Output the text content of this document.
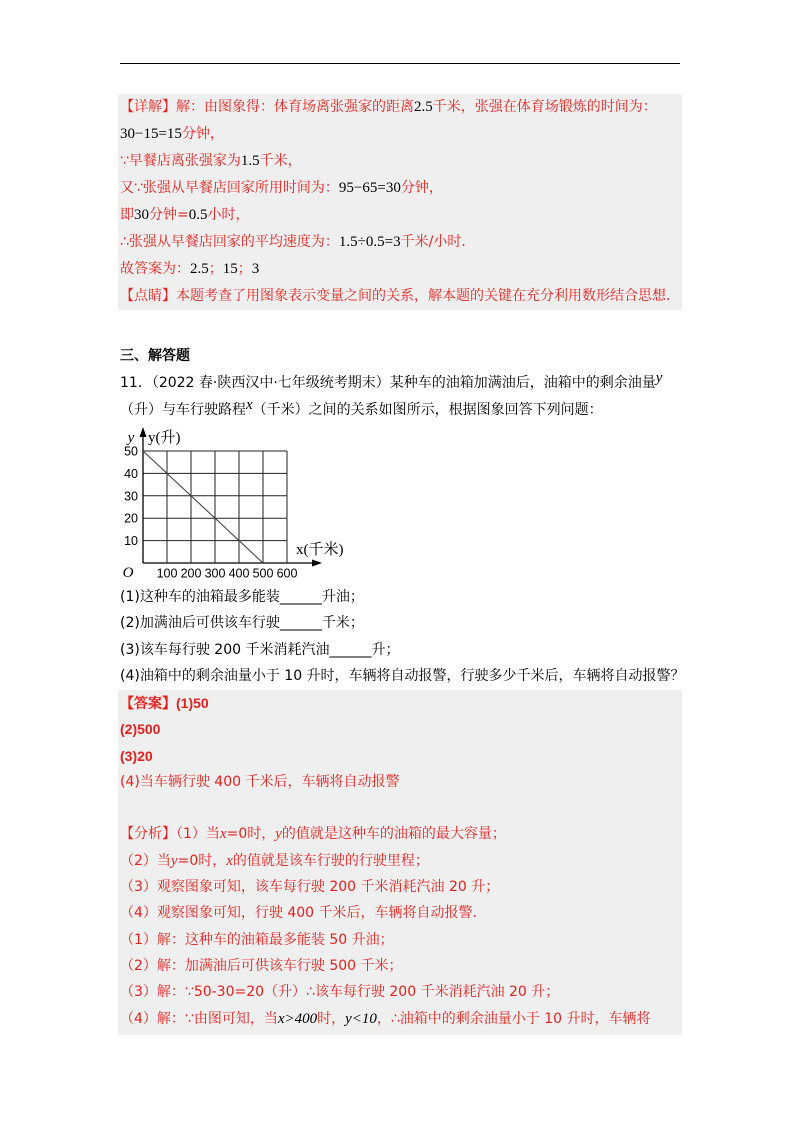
【详解】解：由图象得：体育场离张强家的距离2.5千米，张强在体育场锻炼的时间为：
30−15=15分钟，
∵早餐店离张强家为1.5千米，
又∵张强从早餐店回家所用时间为：95−65=30分钟，
即30分钟=0.5小时，
∴张强从早餐店回家的平均速度为：1.5÷0.5=3千米/小时．
故答案为：2.5；15；3
【点睛】本题考查了用图象表示变量之间的关系，解本题的关键在充分利用数形结合思想．
三、解答题
11．（2022 春·陕西汉中·七年级统考期末）某种车的油箱加满油后，油箱中的剩余油量y
（升）与车行驶路程x（千米）之间的关系如图所示，根据图象回答下列问题：
100 200 300 400 500 600
10
20
30
40
50
O
y y(升)
x(千米)
(1)这种车的油箱最多能装______升油；
(2)加满油后可供该车行驶______千米；
(3)该车每行驶 200 千米消耗汽油______升；
(4)油箱中的剩余油量小于 10 升时，车辆将自动报警，行驶多少千米后，车辆将自动报警？
【答案】(1)50
(2)500
(3)20
(4)当车辆行驶 400 千米后，车辆将自动报警
【分析】（1）当x=0时，y的值就是这种车的油箱的最大容量；
（2）当y=0时，x的值就是该车行驶的行驶里程；
（3）观察图象可知，该车每行驶 200 千米消耗汽油 20 升；
（4）观察图象可知，行驶 400 千米后，车辆将自动报警．
（1）解：这种车的油箱最多能装 50 升油；
（2）解：加满油后可供该车行驶 500 千米；
（3）解：∵50-30=20（升）∴该车每行驶 200 千米消耗汽油 20 升；
（4）解：∵由图可知，当x>400时，y<10，∴油箱中的剩余油量小于 10 升时，车辆将
